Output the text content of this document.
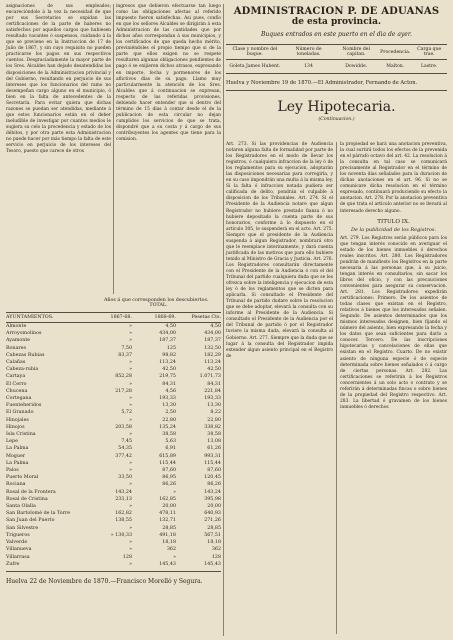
asignaciones de sus empleados; encarecióndole á la vez la necesidad de que por sus Secretarios se expidan las certificaciones de la parte de haberes no satisfechos por aquellos cargos que hubiesen resultado vacantes ó suspensos, cuidando á la que se previene en la Instruccion de 17 de Julio de 1867, y sin cuyo requisito no pueden practicarse los pagos en sus respectivos cuentos. Desgraciadamente la mayor parte de los Sres. Alcaldes han dejado desatendidas las disposiciones de la Administracion privincial y del Gobierno, resultando en perjuicio de sus intereses que los funcionarios del ramo no desempeñan cargo alguno en el municipio, ó bien en la falta de antecedentes de la Secretaría. Para evitar quiera que dichas razones se puedan ser atendidas, mediante á que estos funcionarios están en el deber ineludible de investigar por cuantos medios le sugiera su celo la procedencia y estado de los débitos, y por otra parte esta Administracion no puede hacer por más tiempo la falta de este servicio en perjuicio de los intereses del Tesoro, puesto que carece de otros

ingresos que debieron efectuarse tan luego como las obligaciones afectas al referido impuesto fueron satisfechas. Asi pues, confío en que los señores Alcaldes se dirigirán á esta Administracion de las cantidades que por dichos años correspondan á sus municipios, y los certificados de que queda hecho mérito, previniéndoles el propio tiempo que si de la parte que ellos exigen no se respete resultaren algunas obligaciones pendientes de pago ó se exijieren dichos atrasos, expresando en importe, fecha y pormenores de los aflictivos días de su pago. Llamo muy particularmente la atención de los Sres. Alcaldes que á continuacion se expresan, respecto de las referidas provisiones, debiendo hacer entender que si dentro del término de 15 días á contar desde el de la publicacion de esta circular no dejan cumplidos los servicios de que se trata, dispondré que a su costa y á cargo de sus contribuyentes los agentes que tiene para la comision.

Años á que corresponden los descubiertos.    TOTAL.
AYUNTAMIENTOS.	1867-68.	1868-69.	Pesetas Cts.
Almonte	»	4,50	4,50
Arroyomolinos	»	434,00	434,00
Ayamonte	»	187,37	187,37
Bonares	7,50	125	132,50
Cabezas Rubias	83,37	98,82	182,29
Calañas	»	113,24	113,24
Cabeza-rubia	»	42,50	42,50
Cartaya	852,28	219,75	1.071,73
El Cerro	»	84,31	84,31
Chucena	217,28	4,56	221,84
Cortegana	»	193,33	193,33
Fuenteheridos	»	13,30	13,30
El Granado	5,72	2,50	8,22
Hinojales	»	22,80	22,80
Hinojos	203,58	135,24	338,82
Isla Cristina	»	38,58	38,58
Lepe	7,45	5,63	13,08
La Palma	54,35	6,91	61,26
Moguer	377,42	615,89	993,31
La Palma	»	115,44	115,44
Palos	»	87,60	87,60
Puerto Moral	33,50	86,95	120,45
Rociana	»	86,26	86,26
Rosal de la Frontera	143,24	»	143,24
Rosal de Cristina	233,13	162,85	395,98
Santa Olalla	»	20,00	20,00
San Bartolomé de la Torre	162,82	478,11	640,93
San Juan del Puerto	138,55	132,71	271,26
San Silvestre	»	28,85	28,85
Trigueros	» 130,33	491,18	567,51
Valverde	»	18,18	18,18
Villanueva	»	362	362
Villarrasa	128	»	128
Zufre	»	145,43	145,43
Huelva 22 de Noviembre de 1870.—Francisco Morelló y Segura.
ADMINISTRACION P. DE ADUANAS
de esta provincia.
Buques entrados en este puerto en el dia de ayer.
Clase y nombre del buque.	Número de toneladas.	Nombre del capitan.	Procedencia.	Carga que trae.
Goleta James Hubent.	134	Dowidde.	Malton.	Lastre.
Huelva y Noviembre 19 de 1870.—El Administrador, Fernando de Acton.
Ley Hipotecaria.
(Continuacion.)

Art. 273. Si las providencias de Audiencia notaren alguna falta de formalidad por parte de los Registradores en el modo de llevar los registros, ó cualquiera infraccion de la ley ó de los reglamentos para su ejecucion, adoptarán las disposiciones necesarias para corregirla, y en su caso impondrán una multa á la misma ley. Si la falta ó infraccion notada pudiera ser calificada de delito, pondrán el culpable á disposicion de los Tribunales. Art. 274. Si el Presidente de la Audiencia notare que algun Registrador no hubiere prestado fianza ó no hubiere depositado la cuenta parte de sus honorarios, conforme á lo dispuesto en el artículo 305, le suspenderá en el acto. Art. 275. Siempre que el presidente de la Audiencia suspenda á algun Registrador, nombrará otro que le reemplace interinamente, y dará cuenta justificada de las motivos que para ello hubiere tenido al Ministro de Gracia y Justicia. Art. 276. Los Registradores consultarán directamente con el Presidente de la Audiencia ó con el del Tribunal del partido cualquiera duda que se les ofrezca sobre la inteligencia y ejecucion de esta ley ó de los reglamentos que se dicten para aplicarla. Si consultado el Presidente del Tribunal de partido dudare sobre la resolucion que se debe adoptar, elevará la consulta con su informe al Presidente de la Audiencia. Si consultado el Presidente de la Audiencia por el del Tribunal de partido ó por el Registrador tuviere la misma duda, elevará la consulta al Gobierno. Art. 277. Siempre que la duda que se lugar á la consulta del Registrador impida extender algun asiento principal en el Registro de

la propiedad se hará una anotacion preventiva, la cual surtirá todos los efectos de la prevenida en el párrafo octavo del art. 42. La resolucion á la consulta en tal caso se comunicará precisamente al Registrador en el término de los noventa días señalados para la duracion de dichas anotaciones en el art. 96. Si no se comunicare dicha resolucion en el término expresado, continuará produciendo su efecto la anotacion. Art. 278. Por la anotacion preventiva de que trata el artículo anterior no se llevará al interesado derecho alguno.

TITULO IX.
De la publicidad de los Registros.

Art. 279. Los Registros serán públicos para los que tengan interés conocido en averiguar el estado de los bienes inmuebles ó derechos reales inscritos. Art. 280. Los Registradores pondrán de manifiesto los Registros en la parte necesaria á las personas que, á su juicio, tengan interés en consultarlos, sin sacar los libros del oficio, y con las precauciones convenientes para asegurar su conservacion. Art. 281. Los Registradores expedirán certificaciones: Primero. De los asientos de todas clases que existan en el Registro, relativos á bienes que los interesados señalen. Segundo. De asientos determinados que los mismos interesados designen, bien fijando el número del asiento, bien expresando la fecha y los datos que sean suficientes para darlo a conocer. Tercero. De las inscripciones hipotecarias y cancelaciones de ellas que existan en el Registro. Cuarto. De no existir asiento de ninguna especie ó de especie determinada sobre bienes señalados ó á cargo de ciertas personas. Art. 282. Las certificaciones se referirán á los Registros concernientes á un solo acto o contrato y se referirán á determinadas fincas o sobre bienes de la propiedad del Registro respectivo. Art. 283. La libertad ó gravamen de los bienes inmuebles ó derechos
